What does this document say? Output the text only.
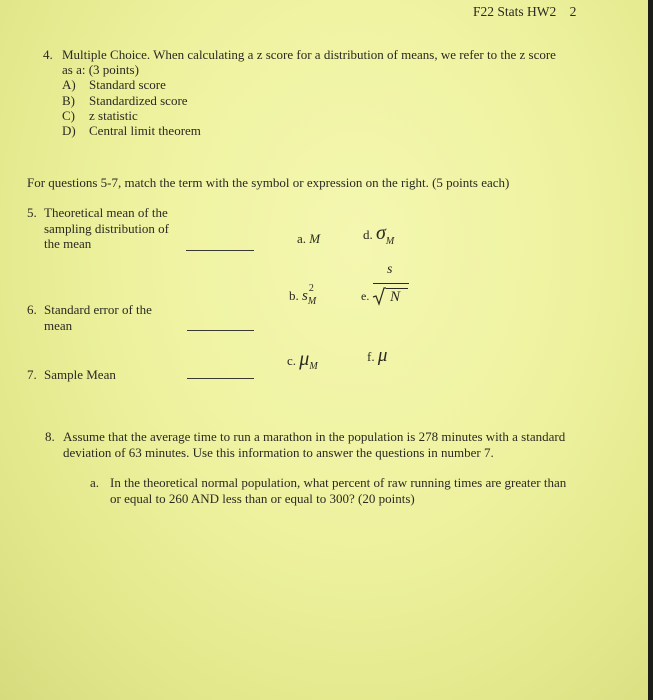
F22 Stats HW2 2
4. Multiple Choice. When calculating a z score for a distribution of means, we refer to the z score
as a: (3 points)
A) Standard score
B) Standardized score
C) z statistic
D) Central limit theorem
For questions 5-7, match the term with the symbol or expression on the right. (5 points each)
5. Theoretical mean of the
sampling distribution of
the mean
6. Standard error of the
mean
7. Sample Mean
a. M	d. $\sigma_M$
b. s 2
M	e.
s
N
c. $\mu_M$
f. μ
8. Assume that the average time to run a marathon in the population is 278 minutes with a standard
deviation of 63 minutes. Use this information to answer the questions in number 7.
a. In the theoretical normal population, what percent of raw running times are greater than
or equal to 260 AND less than or equal to 300? (20 points)
